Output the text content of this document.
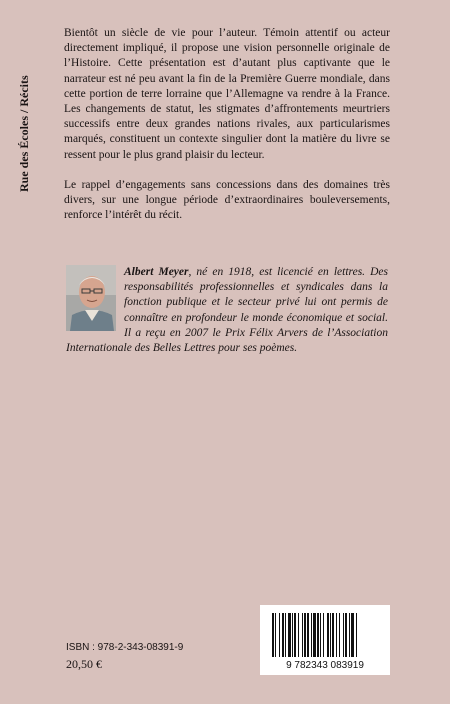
Rue des Écoles / Récits

Bientôt un siècle de vie pour l’auteur. Témoin attentif ou acteur directement impliqué, il propose une vision personnelle originale de l’Histoire. Cette présentation est d’autant plus captivante que le narrateur est né peu avant la fin de la Première Guerre mondiale, dans cette portion de terre lorraine que l’Allemagne va rendre à la France. Les changements de statut, les stigmates d’affrontements meurtriers successifs entre deux grandes nations rivales, aux particularismes marqués, constituent un contexte singulier dont la matière du livre se ressent pour le plus grand plaisir du lecteur.

Le rappel d’engagements sans concessions dans des domaines très divers, sur une longue période d’extraordinaires bouleversements, renforce l’intérêt du récit.

Albert Meyer, né en 1918, est licencié en lettres. Des responsabilités professionnelles et syndicales dans la fonction publique et le secteur privé lui ont permis de connaître en profondeur le monde économique et social. Il a reçu en 2007 le Prix Félix Arvers de l’Association Internationale des Belles Lettres pour ses poèmes.

ISBN : 978-2-343-08391-9
20,50 €	9 782343 083919
